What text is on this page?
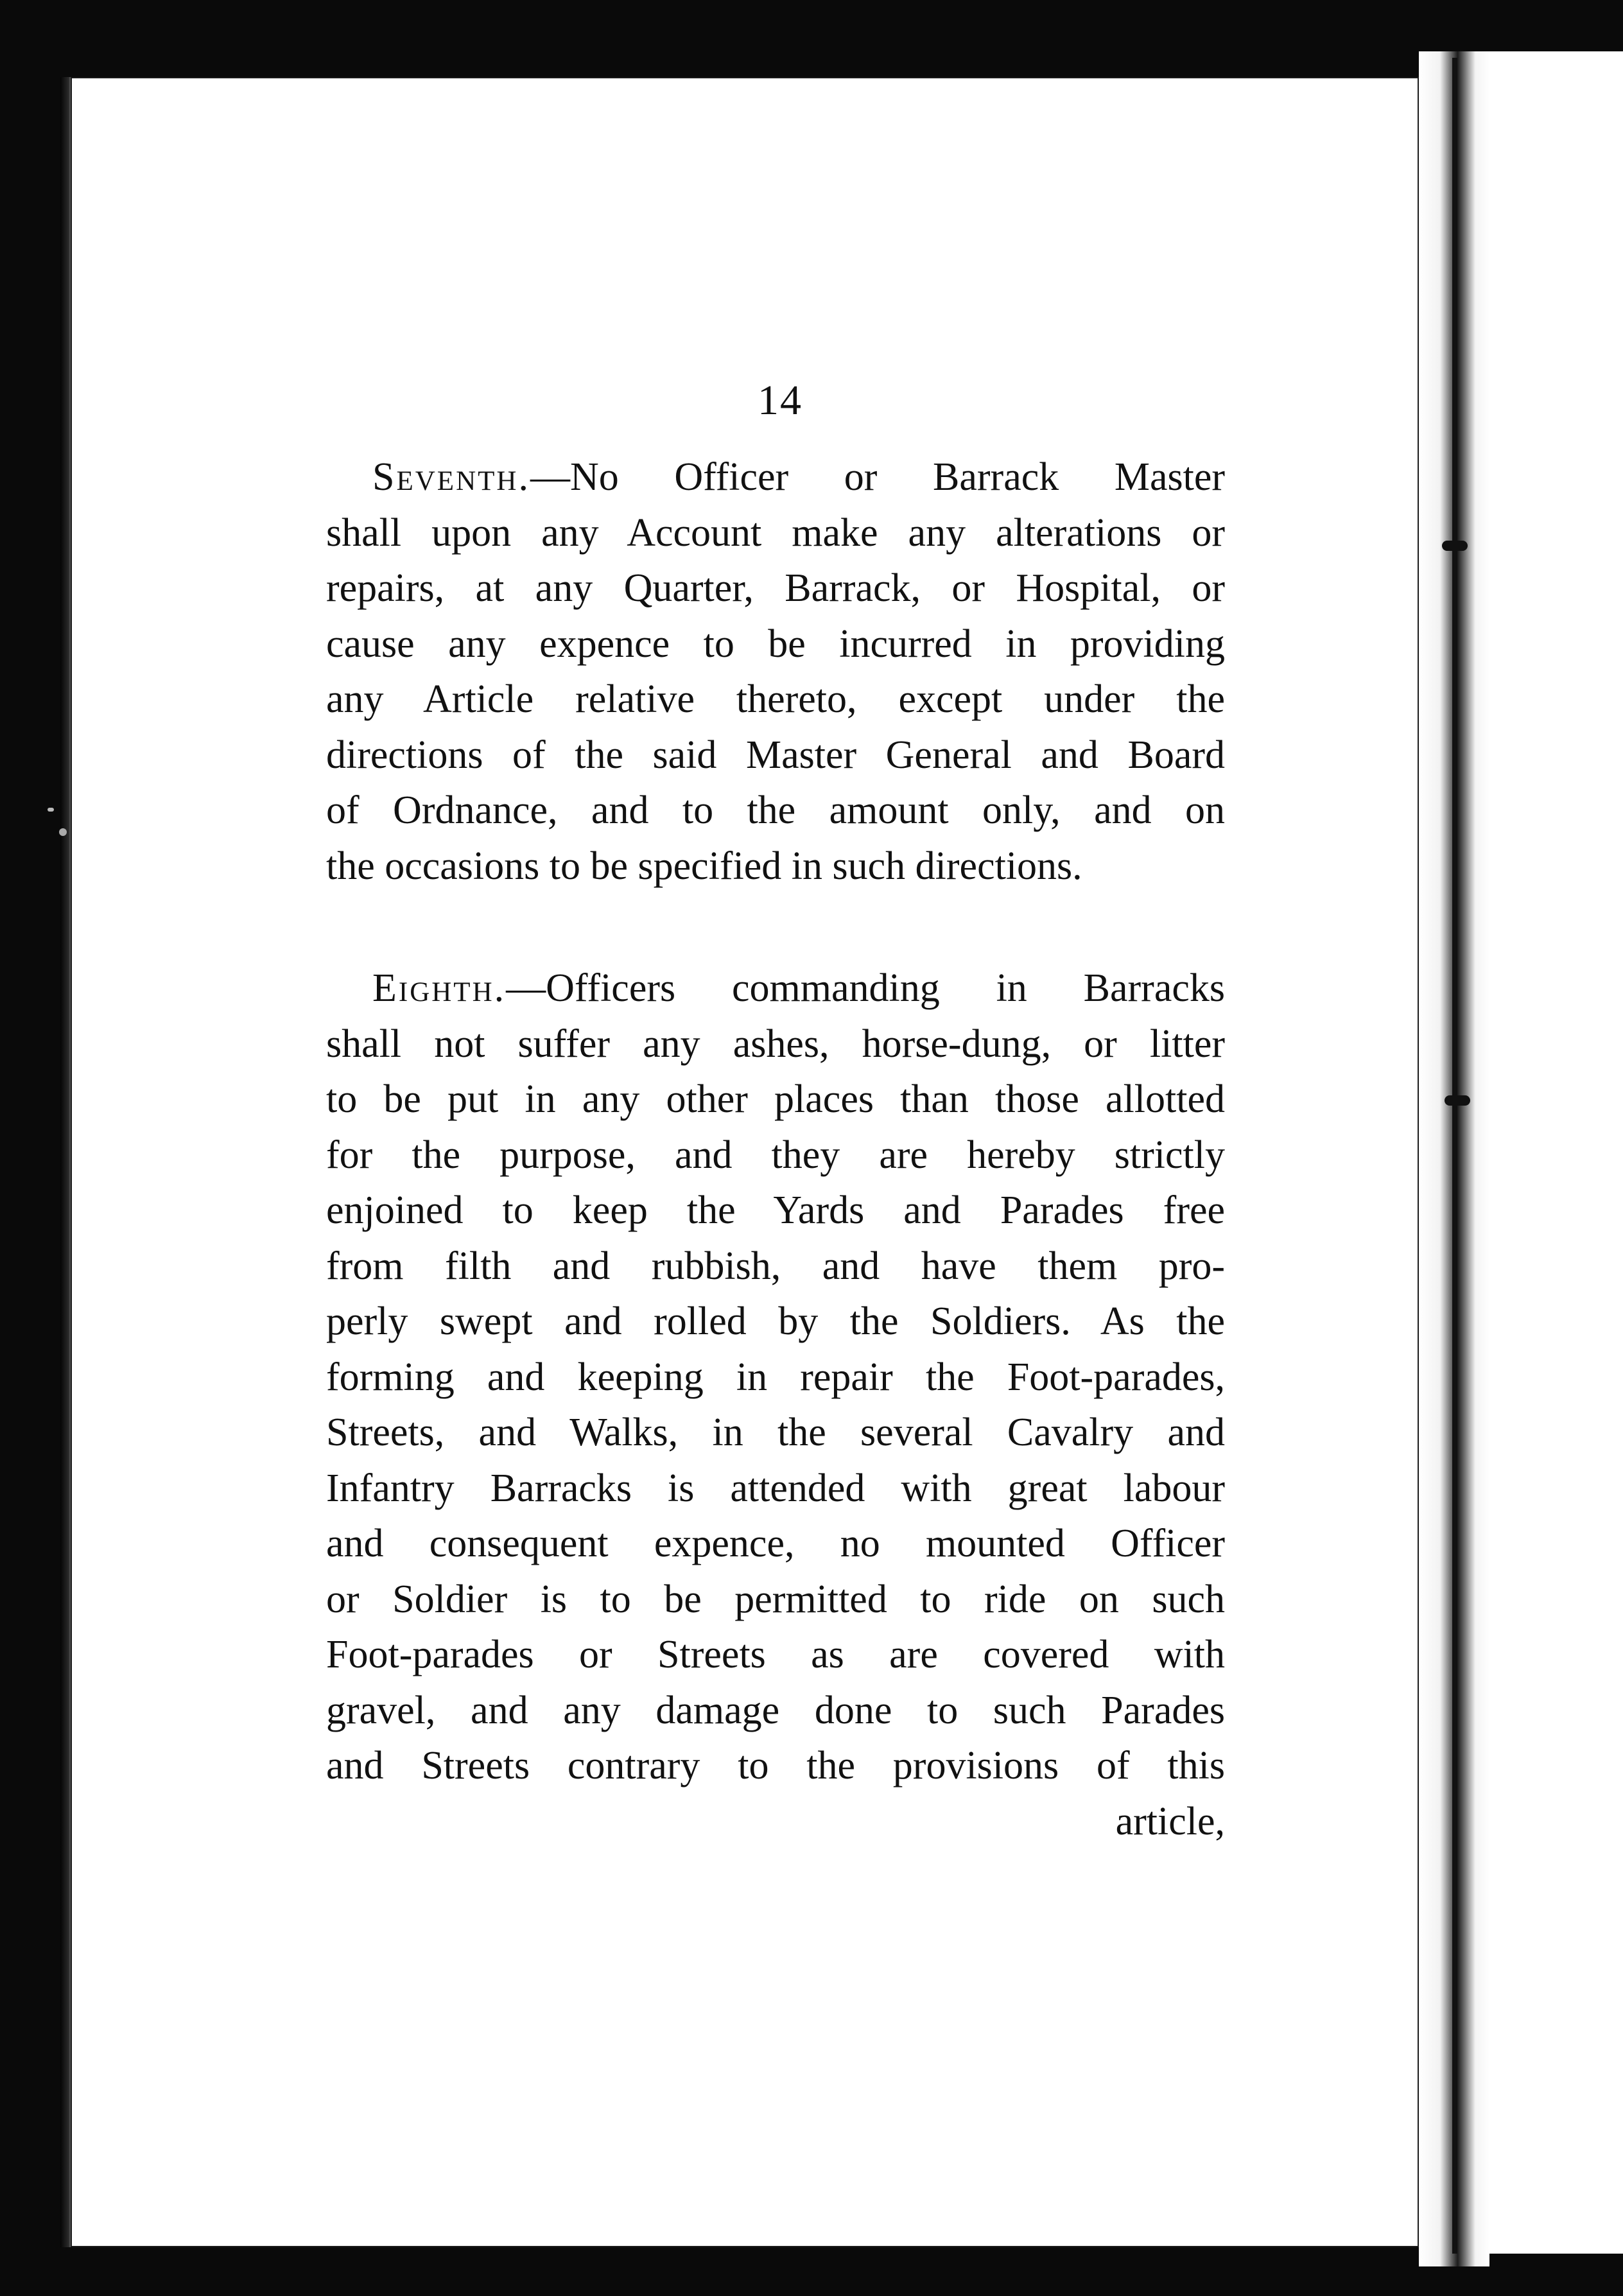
14
Seventh.—No Officer or Barrack Master
shall upon any Account make any alterations or
repairs, at any Quarter, Barrack, or Hospital, or
cause any expence to be incurred in providing
any Article relative thereto, except under the
directions of the said Master General and Board
of Ordnance, and to the amount only, and on
the occasions to be specified in such directions.
Eighth.—Officers commanding in Barracks
shall not suffer any ashes, horse-dung, or litter
to be put in any other places than those allotted
for the purpose, and they are hereby strictly
enjoined to keep the Yards and Parades free
from filth and rubbish, and have them pro-
perly swept and rolled by the Soldiers. As the
forming and keeping in repair the Foot-parades,
Streets, and Walks, in the several Cavalry and
Infantry Barracks is attended with great labour
and consequent expence, no mounted Officer
or Soldier is to be permitted to ride on such
Foot-parades or Streets as are covered with
gravel, and any damage done to such Parades
and Streets contrary to the provisions of this
article,
